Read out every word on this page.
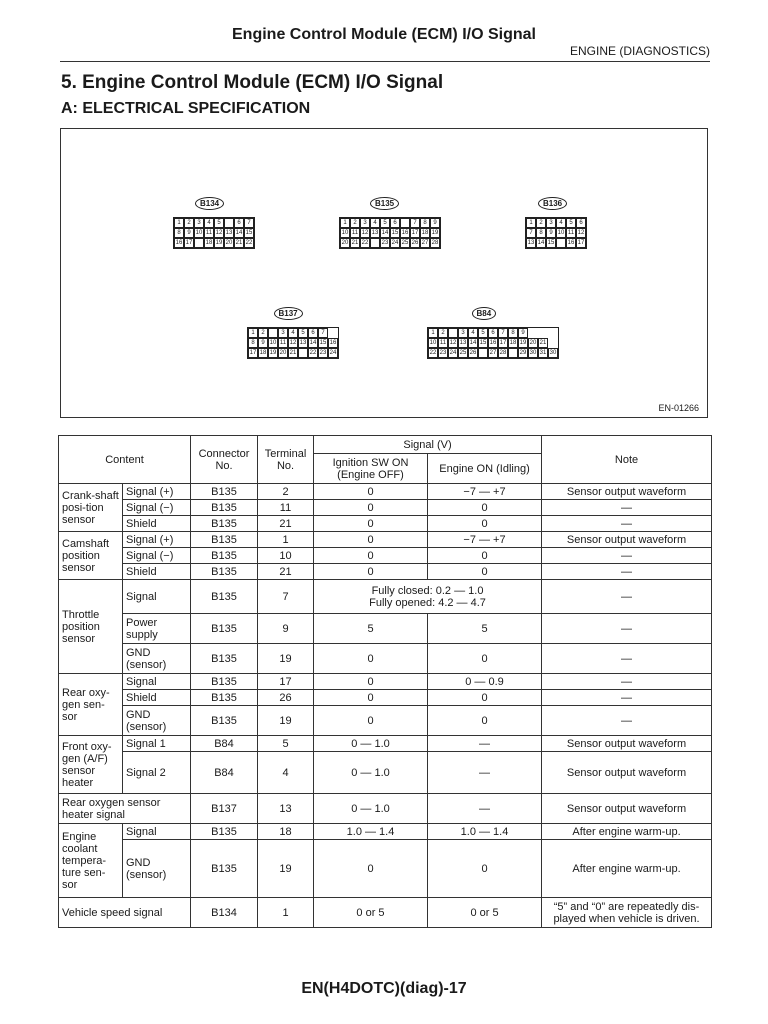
Engine Control Module (ECM) I/O Signal
ENGINE (DIAGNOSTICS)
5. Engine Control Module (ECM) I/O Signal
A: ELECTRICAL SPECIFICATION
B134
1	2	3	4	5	6	7
8	9 10 11 12 13 14 15
16 17 18 19 20 21 22
B135
1	2	3	4	5	6	7	8	9
10 11 12 13 14 15 16 17 18 19
20 21 22 23 24 25 26 27 28
B136
1	2	3	4	5	6
7	8	9 10 11 12
13 14 15 16 17
B137
1	2	3	4	5	6	7
8	9 10 11 12 13 14 15 16
17 18 19 20 21 22 23 24
B84
1	2	3	4	5	6	7	8	9
10 11 12 13 14 15 16 17 18 19 20 21
22 23 24 25 26 27 28 29 30 31 30
EN-01266
Content		Connector No.	Terminal No.	Signal (V)		Note
				Ignition SW ON (Engine OFF)	Engine ON (Idling)	
Crank-shaft posi-tion sensor	Signal (+)	B135	2	0	−7 — +7	Sensor output waveform
	Signal (−)	B135	11	0	0	—
	Shield	B135	21	0	0	—
Camshaft position sensor	Signal (+)	B135	1	0	−7 — +7	Sensor output waveform
	Signal (−)	B135	10	0	0	—
	Shield	B135	21	0	0	—
Throttle position sensor	Signal	B135	7	Fully closed: 0.2 — 1.0
Fully opened: 4.2 — 4.7		—
	Power supply	B135	9	5	5	—
	GND (sensor)	B135	19	0	0	—
Rear oxy-gen sen-sor	Signal	B135	17	0	0 — 0.9	—
	Shield	B135	26	0	0	—
	GND (sensor)	B135	19	0	0	—
Front oxy-gen (A/F) sensor heater	Signal 1	B84	5	0 — 1.0	—	Sensor output waveform
	Signal 2	B84	4	0 — 1.0	—	Sensor output waveform
Rear oxygen sensor heater signal		B137	13	0 — 1.0	—	Sensor output waveform
Engine coolant tempera-ture sen-sor	Signal	B135	18	1.0 — 1.4	1.0 — 1.4	After engine warm-up.
	GND (sensor)	B135	19	0	0	After engine warm-up.
Vehicle speed signal		B134	1	0 or 5	0 or 5	“5” and “0” are repeatedly dis-played when vehicle is driven.
EN(H4DOTC)(diag)-17
